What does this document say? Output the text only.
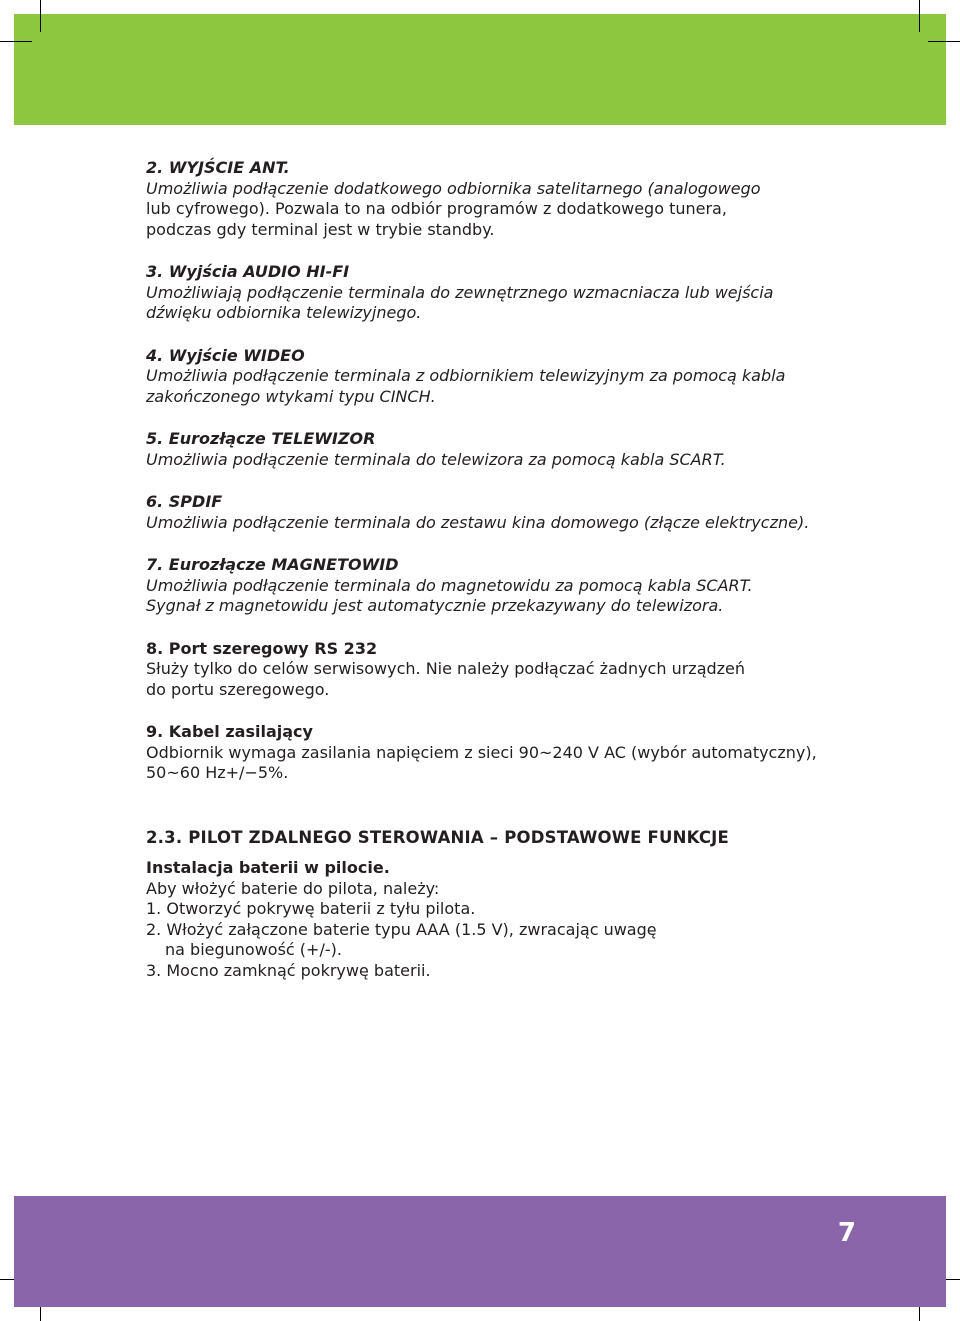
2. WYJŚCIE ANT.
Umożliwia podłączenie dodatkowego odbiornika satelitarnego (analogowego
lub cyfrowego). Pozwala to na odbiór programów z dodatkowego tunera,
podczas gdy terminal jest w trybie standby.
3. Wyjścia AUDIO HI-FI
Umożliwiają podłączenie terminala do zewnętrznego wzmacniacza lub wejścia
dźwięku odbiornika telewizyjnego.
4. Wyjście WIDEO
Umożliwia podłączenie terminala z odbiornikiem telewizyjnym za pomocą kabla
zakończonego wtykami typu CINCH.
5. Eurozłącze TELEWIZOR
Umożliwia podłączenie terminala do telewizora za pomocą kabla SCART.
6. SPDIF
Umożliwia podłączenie terminala do zestawu kina domowego (złącze elektryczne).
7. Eurozłącze MAGNETOWID
Umożliwia podłączenie terminala do magnetowidu za pomocą kabla SCART.
Sygnał z magnetowidu jest automatycznie przekazywany do telewizora.
8. Port szeregowy RS 232
Służy tylko do celów serwisowych. Nie należy podłączać żadnych urządzeń
do portu szeregowego.
9. Kabel zasilający
Odbiornik wymaga zasilania napięciem z sieci 90~240 V AC (wybór automatyczny),
50~60 Hz+/−5%.
2.3. PILOT ZDALNEGO STEROWANIA – PODSTAWOWE FUNKCJE
Instalacja baterii w pilocie.
Aby włożyć baterie do pilota, należy:
1. Otworzyć pokrywę baterii z tyłu pilota.
2. Włożyć załączone baterie typu AAA (1.5 V), zwracając uwagę
na biegunowość (+/-).
3. Mocno zamknąć pokrywę baterii.
7
